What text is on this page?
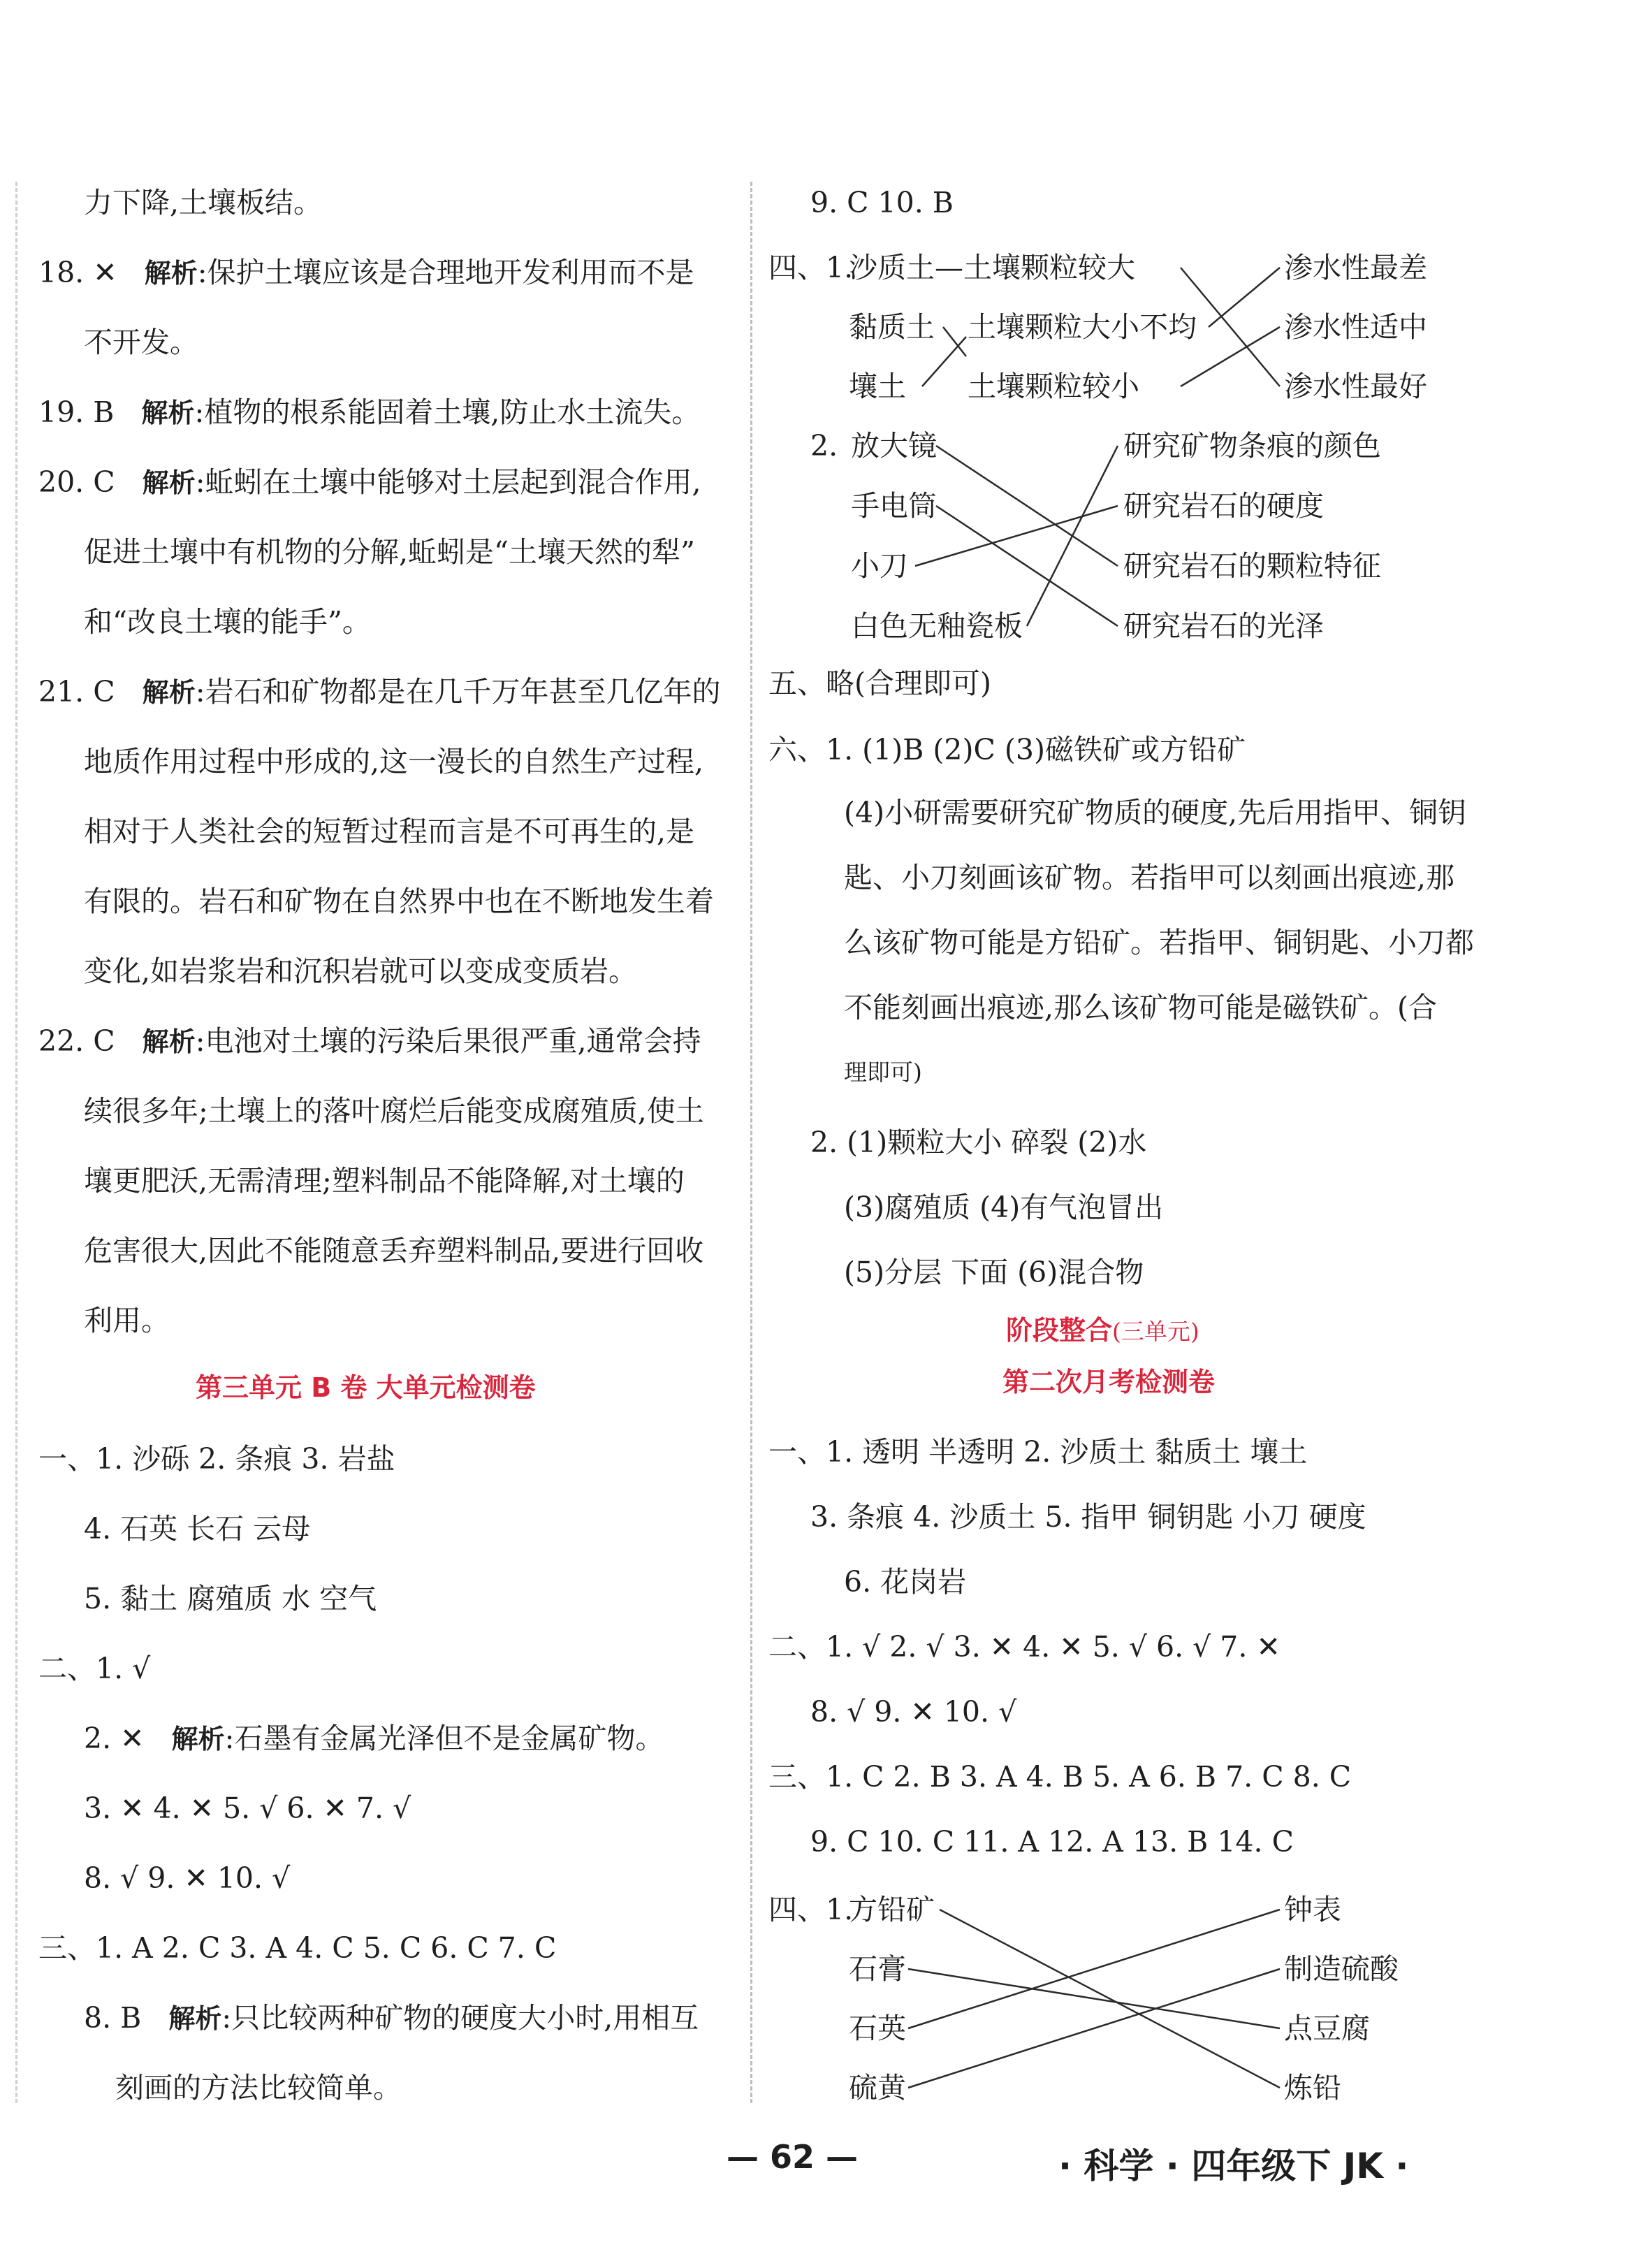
力下降,土壤板结。
18. ✕ 解析:保护土壤应该是合理地开发利用而不是
不开发。
19. B 解析:植物的根系能固着土壤,防止水土流失。
20. C 解析:蚯蚓在土壤中能够对土层起到混合作用,
促进土壤中有机物的分解,蚯蚓是“土壤天然的犁”
和“改良土壤的能手”。
21. C 解析:岩石和矿物都是在几千万年甚至几亿年的
地质作用过程中形成的,这一漫长的自然生产过程,
相对于人类社会的短暂过程而言是不可再生的,是
有限的。岩石和矿物在自然界中也在不断地发生着
变化,如岩浆岩和沉积岩就可以变成变质岩。
22. C 解析:电池对土壤的污染后果很严重,通常会持
续很多年;土壤上的落叶腐烂后能变成腐殖质,使土
壤更肥沃,无需清理;塑料制品不能降解,对土壤的
危害很大,因此不能随意丢弃塑料制品,要进行回收
利用。
第三单元 B 卷 大单元检测卷
一、1. 沙砾 2. 条痕 3. 岩盐
4. 石英 长石 云母
5. 黏土 腐殖质 水 空气
二、1. √
2. ✕ 解析:石墨有金属光泽但不是金属矿物。
3. ✕ 4. ✕ 5. √ 6. ✕ 7. √
8. √ 9. ✕ 10. √
三、1. A 2. C 3. A 4. C 5. C 6. C 7. C
8. B 解析:只比较两种矿物的硬度大小时,用相互
刻画的方法比较简单。
9. C 10. B
四、1.
沙质土—土壤颗粒较大
黏质土
壤土
土壤颗粒大小不均
土壤颗粒较小
渗水性最差
渗水性适中
渗水性最好
2. 放大镜
手电筒
小刀
白色无釉瓷板
研究矿物条痕的颜色
研究岩石的硬度
研究岩石的颗粒特征
研究岩石的光泽
五、略(合理即可)
六、1. (1)B (2)C (3)磁铁矿或方铅矿
(4)小研需要研究矿物质的硬度,先后用指甲、铜钥
匙、小刀刻画该矿物。若指甲可以刻画出痕迹,那
么该矿物可能是方铅矿。若指甲、铜钥匙、小刀都
不能刻画出痕迹,那么该矿物可能是磁铁矿。(合
理即可)
2. (1)颗粒大小 碎裂 (2)水
(3)腐殖质 (4)有气泡冒出
(5)分层 下面 (6)混合物
阶段整合(三单元)
第二次月考检测卷
一、1. 透明 半透明 2. 沙质土 黏质土 壤土
3. 条痕 4. 沙质土 5. 指甲 铜钥匙 小刀 硬度
6. 花岗岩
二、1. √ 2. √ 3. ✕ 4. ✕ 5. √ 6. √ 7. ✕
8. √ 9. ✕ 10. √
三、1. C 2. B 3. A 4. B 5. A 6. B 7. C 8. C
9. C 10. C 11. A 12. A 13. B 14. C
四、1.
方铅矿
石膏
石英
硫黄
钟表
制造硫酸
点豆腐
炼铅
— 62 —	· 科学 · 四年级下 JK ·
